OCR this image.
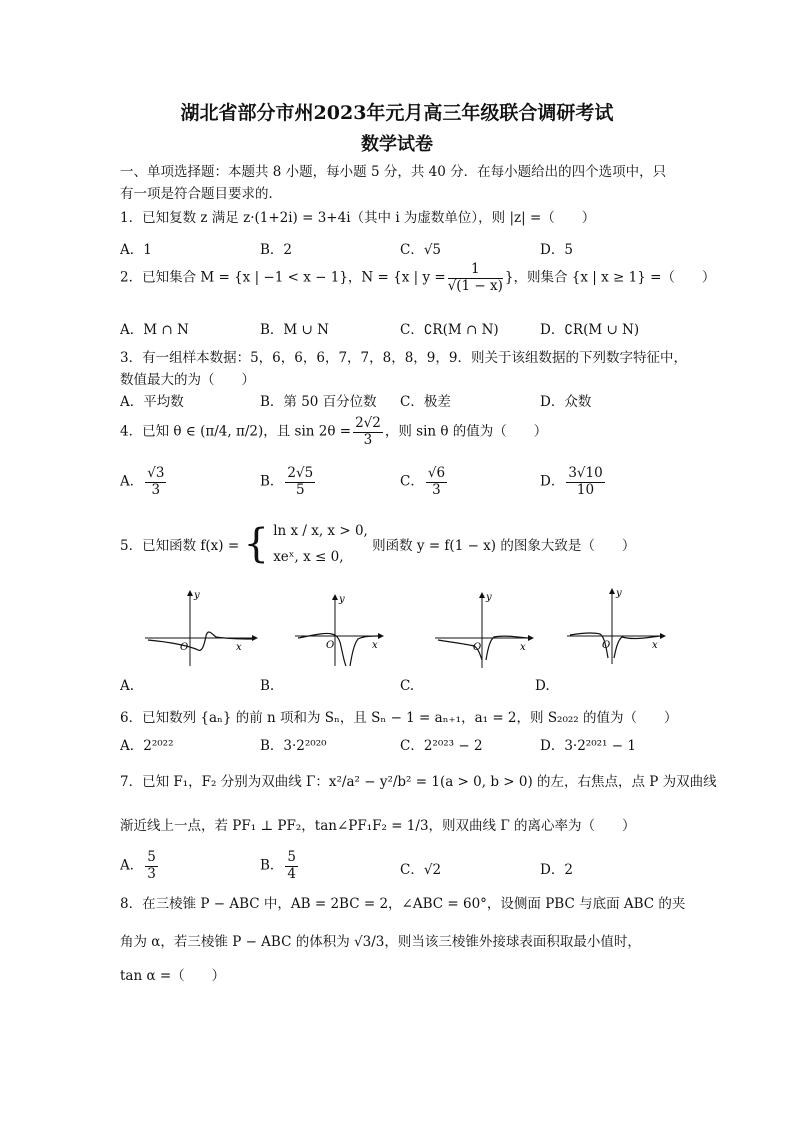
湖北省部分市州2023年元月高三年级联合调研考试
数学试卷
一、单项选择题：本题共 8 小题，每小题 5 分，共 40 分．在每小题给出的四个选项中，只
有一项是符合题目要求的．
1．已知复数 z 满足 z·(1+2i) = 3+4i（其中 i 为虚数单位），则 |z| =（　　）
A．1	B．2	C．√5	D．5
2．已知集合 M = {x | −1 < x − 1}，N = {x | $y = \frac{1}{√(1 - x)}$ }，则集合 {x | x ≥ 1} =（　　）
A．M ∩ N	B．M ∪ N	C．∁R(M ∩ N)	D．∁R(M ∪ N)
3．有一组样本数据：5，6，6，6，7，7，8，8，9，9．则关于该组数据的下列数字特征中，
数值最大的为（　　）
A．平均数	B．第 50 百分位数 C．极差	D．众数
4．已知 θ ∈ (π/4, π/2)，且 $\sin 2\theta = \frac{2√2}{3}$ ，则 sin θ 的值为（　　）
A． $\frac{√3}{3}$	B． $\frac{2√5}{5}$	C． $\frac{√6}{3}$	D． $\frac{3√10}{10}$
5．已知函数 f(x) = { ln x / x, x > 0,
xeˣ, x ≤ 0,
则函数 y = f(1 − x) 的图象大致是（　　）
y
x
O
y
x
O
y
x
O
y
x
O
A.	B.	C.	D.
6．已知数列 {aₙ} 的前 n 项和为 Sₙ，且 Sₙ − 1 = aₙ₊₁，a₁ = 2，则 S₂₀₂₂ 的值为（　　）
A．2²⁰²²	B．3·2²⁰²⁰	C．2²⁰²³ − 2	D．3·2²⁰²¹ − 1
7．已知 F₁，F₂ 分别为双曲线 Γ：x²/a² − y²/b² = 1(a > 0, b > 0) 的左，右焦点，点 P 为双曲线
渐近线上一点，若 PF₁ ⊥ PF₂，tan∠PF₁F₂ = 1/3，则双曲线 Γ 的离心率为（　　）
A． $\frac{5}{3}$	B． $\frac{5}{4}$	C．√2	D．2
8．在三棱锥 P − ABC 中，AB = 2BC = 2，∠ABC = 60°，设侧面 PBC 与底面 ABC 的夹
角为 α，若三棱锥 P − ABC 的体积为 √3/3，则当该三棱锥外接球表面积取最小值时，
tan α =（　　）
